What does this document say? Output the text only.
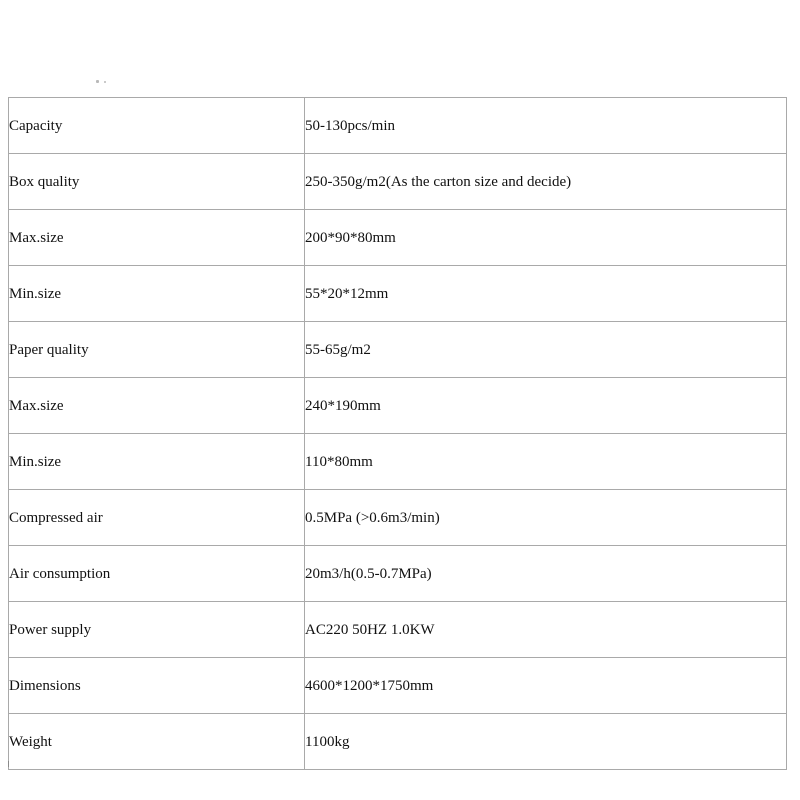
Capacity	50-130pcs/min
Box quality	250-350g/m2(As the carton size and decide)
Max.size	200*90*80mm
Min.size	55*20*12mm
Paper quality	55-65g/m2
Max.size	240*190mm
Min.size	110*80mm
Compressed air	0.5MPa (>0.6m3/min)
Air consumption	20m3/h(0.5-0.7MPa)
Power supply	AC220 50HZ 1.0KW
Dimensions	4600*1200*1750mm
Weight	1100kg
